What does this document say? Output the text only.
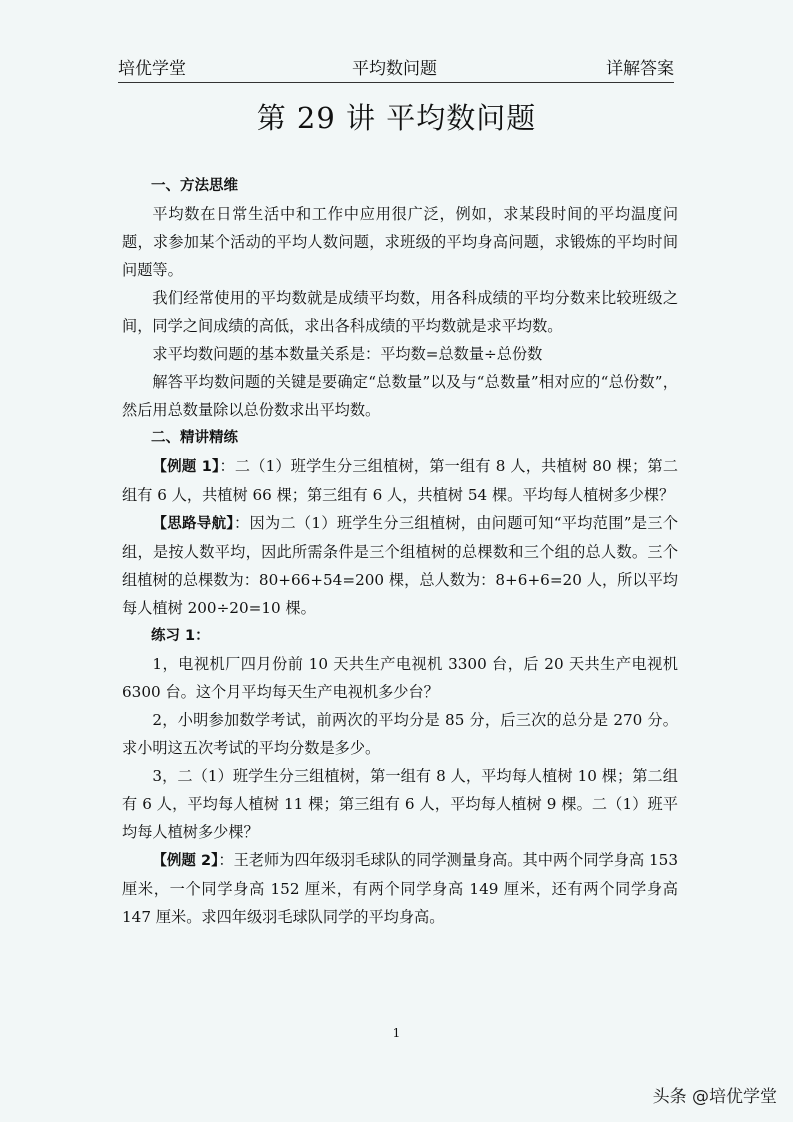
培优学堂	平均数问题	详解答案
第 29 讲 平均数问题

一、方法思维

平均数在日常生活中和工作中应用很广泛，例如，求某段时间的平均温度问题，求参加某个活动的平均人数问题，求班级的平均身高问题，求锻炼的平均时间问题等。

我们经常使用的平均数就是成绩平均数，用各科成绩的平均分数来比较班级之间，同学之间成绩的高低，求出各科成绩的平均数就是求平均数。

求平均数问题的基本数量关系是：平均数=总数量÷总份数

解答平均数问题的关键是要确定“总数量”以及与“总数量”相对应的“总份数”，然后用总数量除以总份数求出平均数。

二、精讲精练

【例题 1】：二（1）班学生分三组植树，第一组有 8 人，共植树 80 棵；第二组有 6 人，共植树 66 棵；第三组有 6 人，共植树 54 棵。平均每人植树多少棵？

【思路导航】：因为二（1）班学生分三组植树，由问题可知“平均范围”是三个组，是按人数平均，因此所需条件是三个组植树的总棵数和三个组的总人数。三个组植树的总棵数为：80+66+54=200 棵，总人数为：8+6+6=20 人，所以平均每人植树 200÷20=10 棵。

练习 1：

1，电视机厂四月份前 10 天共生产电视机 3300 台，后 20 天共生产电视机 6300 台。这个月平均每天生产电视机多少台？

2，小明参加数学考试，前两次的平均分是 85 分，后三次的总分是 270 分。求小明这五次考试的平均分数是多少。

3，二（1）班学生分三组植树，第一组有 8 人，平均每人植树 10 棵；第二组有 6 人，平均每人植树 11 棵；第三组有 6 人，平均每人植树 9 棵。二（1）班平均每人植树多少棵？

【例题 2】：王老师为四年级羽毛球队的同学测量身高。其中两个同学身高 153 厘米，一个同学身高 152 厘米，有两个同学身高 149 厘米，还有两个同学身高 147 厘米。求四年级羽毛球队同学的平均身高。

1
头条 @培优学堂
